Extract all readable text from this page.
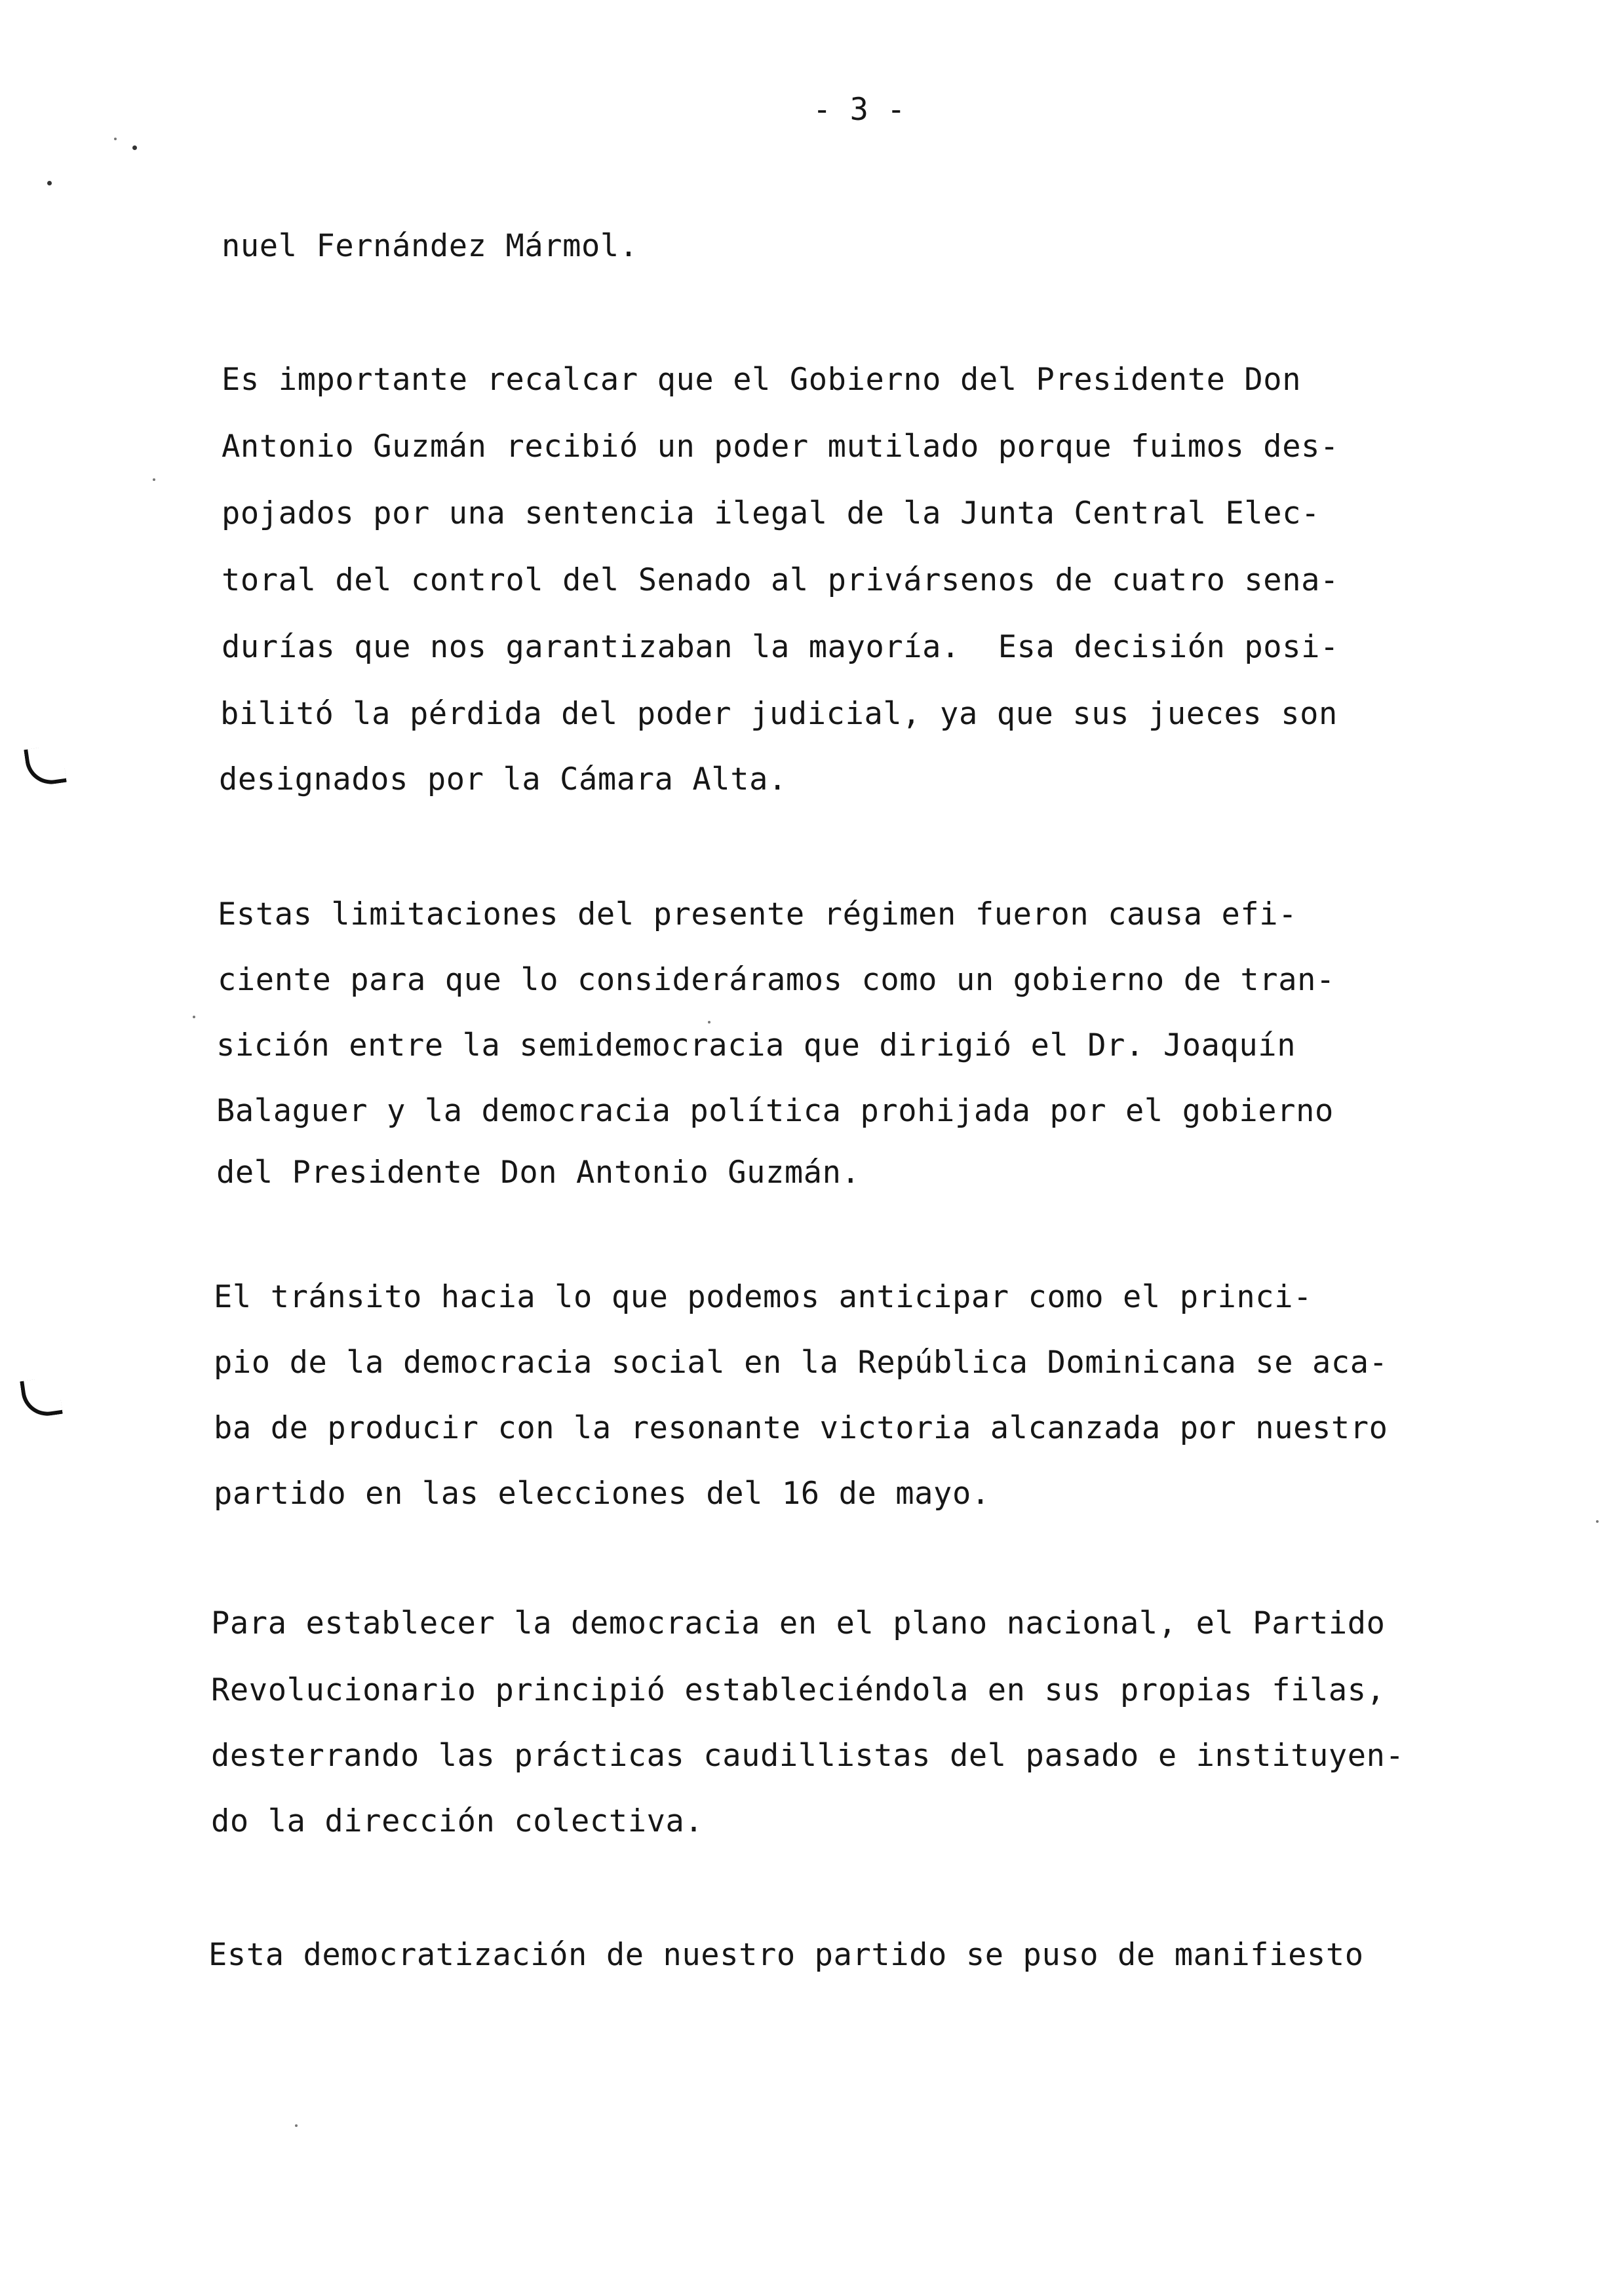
- 3 -
nuel Fernández Mármol.
Es importante recalcar que el Gobierno del Presidente Don
Antonio Guzmán recibió un poder mutilado porque fuimos des-
pojados por una sentencia ilegal de la Junta Central Elec-
toral del control del Senado al privársenos de cuatro sena-
durías que nos garantizaban la mayoría.  Esa decisión posi-
bilitó la pérdida del poder judicial, ya que sus jueces son
designados por la Cámara Alta.
Estas limitaciones del presente régimen fueron causa efi-
ciente para que lo consideráramos como un gobierno de tran-
sición entre la semidemocracia que dirigió el Dr. Joaquín
Balaguer y la democracia política prohijada por el gobierno
del Presidente Don Antonio Guzmán.
El tránsito hacia lo que podemos anticipar como el princi-
pio de la democracia social en la República Dominicana se aca-
ba de producir con la resonante victoria alcanzada por nuestro
partido en las elecciones del 16 de mayo.
Para establecer la democracia en el plano nacional, el Partido
Revolucionario principió estableciéndola en sus propias filas,
desterrando las prácticas caudillistas del pasado e instituyen-
do la dirección colectiva.
Esta democratización de nuestro partido se puso de manifiesto
